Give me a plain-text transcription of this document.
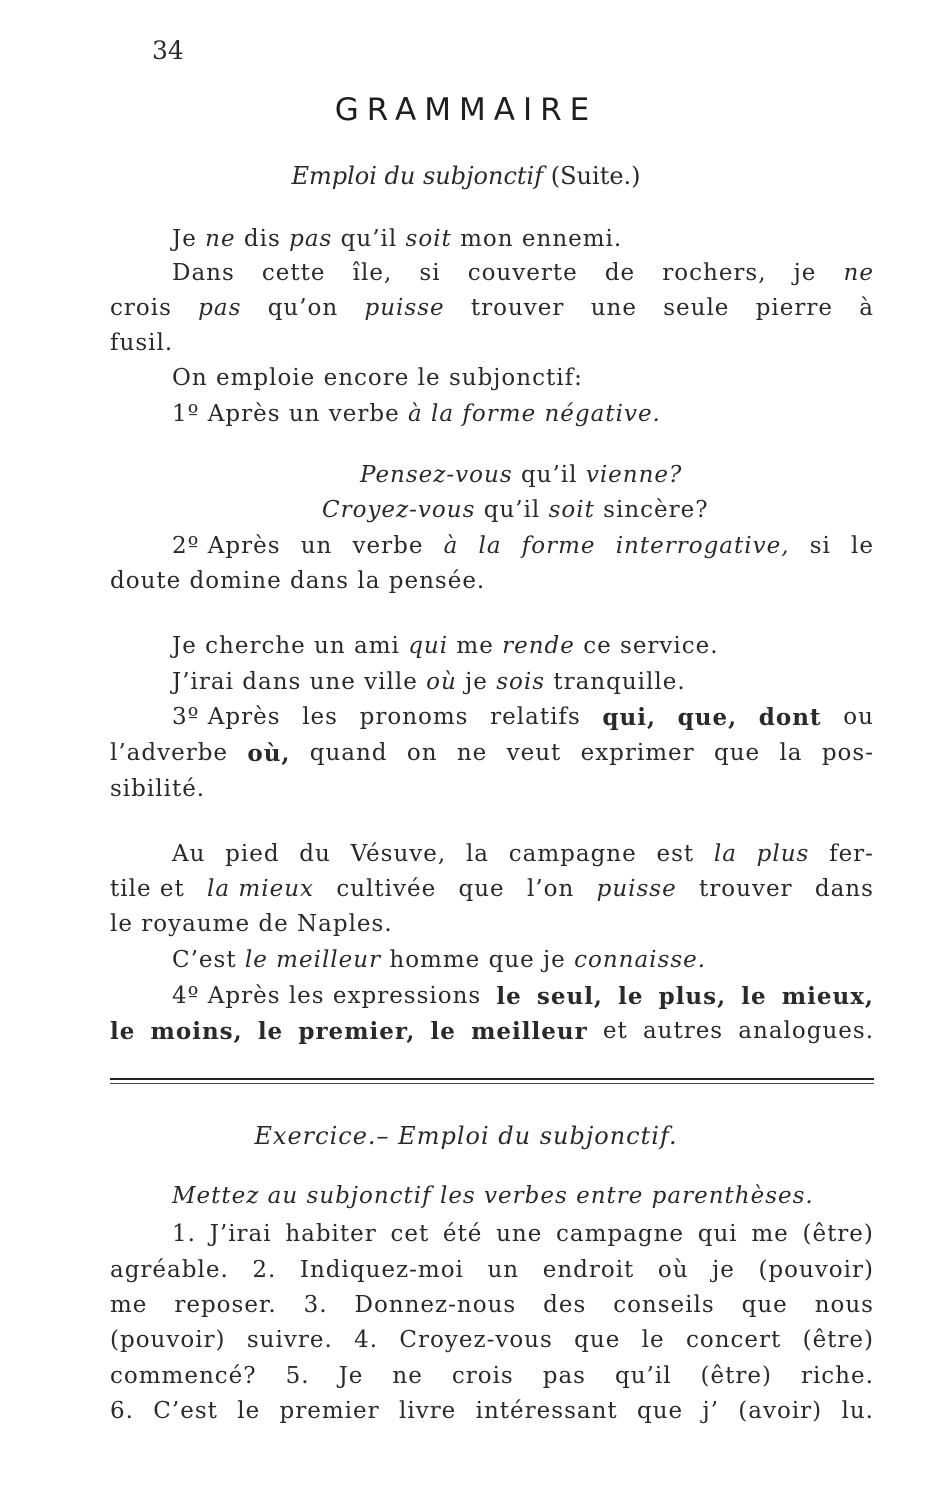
34
GRAMMAIRE
Emploi du subjonctif (Suite.)
Je ne dis pas qu’il soit mon ennemi.
Dans cette île, si couverte de rochers, je ne
crois pas qu’on puisse trouver une seule pierre à
fusil.
On emploie encore le subjonctif:
1º Après un verbe à la forme négative.
Pensez-vous qu’il vienne?
Croyez-vous qu’il soit sincère?
2º Après un verbe à la forme interrogative, si le
doute domine dans la pensée.
Je cherche un ami qui me rende ce service.
J’irai dans une ville où je sois tranquille.
3º Après les pronoms relatifs qui, que, dont ou
l’adverbe où, quand on ne veut exprimer que la pos-
sibilité.
Au pied du Vésuve, la campagne est la plus fer-
tile et la mieux cultivée que l’on puisse trouver dans
le royaume de Naples.
C’est le meilleur homme que je connaisse.
4º Après les expressions le seul, le plus, le mieux,
le moins, le premier, le meilleur et autres analogues.
Exercice.– Emploi du subjonctif.
Mettez au subjonctif les verbes entre parenthèses.
1. J’irai habiter cet été une campagne qui me (être)
agréable. 2. Indiquez-moi un endroit où je (pouvoir)
me reposer. 3. Donnez-nous des conseils que nous
(pouvoir) suivre. 4. Croyez-vous que le concert (être)
commencé? 5. Je ne crois pas qu’il (être) riche.
6. C’est le premier livre intéressant que j’ (avoir) lu.
